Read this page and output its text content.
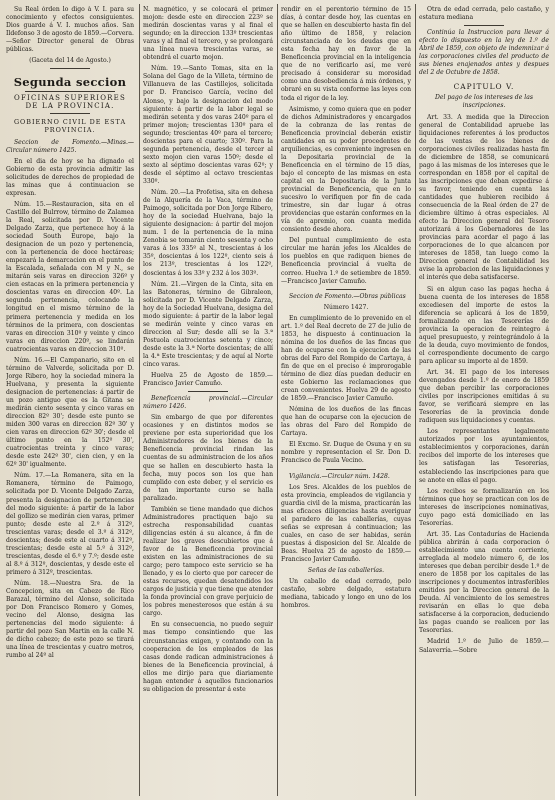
Su Real órden lo digo à V. I. para su conocimiento y efectos consiguientes. Dios guarde á V. I. muchos años. San Ildefonso 3 de agosto de 1859.—Corvera.—Señor Director general de Obras públicas.

(Gaceta del 14 de Agosto.)

Segunda seccion
OFICINAS SUPERIORES DE LA PROVINCIA.
GOBIERNO CIVIL DE ESTA PROVINCIA.

Seccion de Fomento.—Minas.—Circular número 1425.

En el dia de hoy se ha dignado el Gobierno de esta provincia admitir las solicitudes de derechos de propiedad de las minas que á continuacion se expresan.

Núm. 15.—Restauracion, sita en el Castillo del Bulrrow, término de Zalamea la Real, solicitada por D. Vicente Delgado Zarza, que pertenece hoy á la sociedad South Europe, bajo la designacion de un pozo y pertenencia, con la pertenencia de doce hectáreas; empezará la demarcacion en el punto de la Escalada, señalada con M y N., se mitarán seis varas en direccion 326º y cien estacas en la primera pertenencia y doscientas varas en direccion 40º. La segunda pertenencia, colocando la longitud en el mismo término de la primera pertenencia y medida en los términos de la primera, con doscientas varas en direccion 310º y veinte y cinco varas en direccion 220º, se lindarán cuatrocientas varas en direccion 310º.

Núm. 16.—El Campanario, sito en el término de Valverde, solicitada por D. Jorge Ribero, hoy la sociedad minera la Huelvana, y presenta la siguiente designacion de pertenencias: á partir de un pozo antiguo que es la Gitana se medirán ciento sesenta y cinco varas en direccion 82º 30'; desde este punto se miden 300 varas en direccion 82º 30' y cien varas en direccion 62º 30'; desde el último punto en la 152º 30', cuatrocientas treinta y cinco varas; desde este 242º 30', cien cien, y en la 62º 30' igualmente.

Núm. 17.—La Romanera, sita en la Romanera, término de Paimogo, solicitada por D. Vicente Delgado Zarza, presenta la designacion de pertenencias del modo siguiente: á partir de la labor del gollizo se medirán cien varas, primer punto; desde este al 2.º á 312º, trescientas varas; desde el 3.º á 312º, doscientas; desde este al cuarto á 312º, trescientas; desde este al 5.º á 312º, trescientas, desde el 6.º y 7.º; desde este al 8.º á 312º, doscientas, y desde este el primero á 312º, trescientas.

Núm. 18.—Nuestra Sra. de la Concepcion, sita en Cabezo de Rico Barazal, término del Alonso, solicitada por Don Francisco Romero y Gomes, vecino del Alonso, designa las pertenencias del modo siguiente: á partir del pozo San Martin en la calle N. de dicho cabezo; de este pozo se tirará una línea de trescientas y cuatro metros, rumbo al 24º al

N. magnético, y se colocará el primer mojon: desde este en direccion 223º se medirán doscientas varas y al final el segundo; en la direccion 133º trescientas varas y al final el tercero, y se prolongará una línea nueva trescientas varas, se obtendrá el cuarto mojon.

Núm. 19.—Santo Tomas, sita en la Solana del Gago de la Villeta, término de Villanueva de las Castillejos, solicitada por D. Francisco García, vecino del Alonso, y bajo la designacion del modo siguiente: á partir de la labor legal se medirán setenta y dos varas 240º para el primer mojon; trescientas 130º para el segundo; trescientas 40º para el tercero; doscientas para el cuarto; 330º. Para la segunda pertenencia, desde el tercer al sexto mojon cien varas 150º; desde el sexto al séptimo doscientas varas 62º; y desde el séptimo al octavo trescientas 330º.

Núm. 20.—La Profetisa, sita en dehesa de la Alquería de la Vaca, término de Paimogo, solicitada por Don Jorge Ribero, hoy de la sociedad Huelvana, bajo la siguiente designacion: á partir del mojon num. 1 de la pertenencia de la mina Zenobia se tomarán ciento sesenta y ocho varas á los 335º al N., trescientas á los 35º, doscientas á los 122º, ciento seis á los 213º, trescientas á los 122º, doscientas á los 33º y 232 á los 303º.

Núm. 21.—Virgen de la Cinta, sita en las Batoneras, término de Gibraleon, solicitada por D. Vicente Delgado Zarza, hoy de la Sociedad Huelvana, designa del modo siguiente: á partir de la labor legal se medirán veinte y cinco varas en direccion al Sur; desde allí se la 3.ª Postuola cuatrocientas setenta y cinco; desde este la 3.ª Norte doscientas; de allí la 4.ª Este trescientas; y de aquí al Norte cinco varas.

Huelva 25 de Agosto de 1859.—Francisco Javier Camuño.

Beneficencia provincial.—Circular número 1426.

Sin embargo de que por diferentes ocasiones y en distintos modos se previene por esta superioridad que los Administradores de los bienes de la Beneficencia provincial rindan las cuentas de su administracion de los años que se hallen en descubierto hasta la fecha, muy pocos son los que han cumplido con este deber, y el servicio es de tan importante curso se halla paralizado.

También se tiene mandado que dichos Administradores practiquen bajo su estrecha responsabilidad cuantas diligencias estén á su alcance, á fin de realizar los graves descubiertos que á favor de la Beneficencia provincial existen en las administraciones de su cargo; pero tampoco este servicio se ha llenado, y es lo cierto que por carecer de estas recursos, quedan desatendidos los cargos de justicia y que tiene que atender la fonda provincial con grave perjuicio de los pobres menesterosos que están á su cargo.

En su consecuencia, no puedo seguir mas tiempo consintiendo que las circunstancias exigen, y contando con la cooperacion de los empleados de las casas donde radican administraciones á bienes de la Beneficencia provincial, á ellos me dirijo para que diariamente hagan entender á aquellos funcionarios su obligacion de presentar á este

rendir en el perentorio término de 15 días, á contar desde hoy, las cuentas en que se hallen en descubierto hasta fin del año último de 1858, y relacion circunstanciada de los deudas que en esta fecha hay en favor de la Beneficencia provincial en la inteligencia que de no verificarlo así, me veré precisado á considerar su morosidad como una desobediencia á mis órdenes, y obraré en su vista conforme las leyes con toda el rigor de la ley.

Asimismo, y como quiera que en poder de dichos Administradores y encargados de la cobranza de las rentas de Beneficencia provincial deberán existir cantidades en su poder procedentes de arquiliencias, es conveniente ingresen en la Depositaria provincial de la Beneficencia en el término de 15 días, bajo el concepto de las mismas en esta capital en la Depositaria de la Junta provincial de Beneficencia, que en lo sucesivo lo verifiquen por fin de cada trimestre, sin dar lugar á otras providencias que estarán conformes en la vía de apremio, con cuanta medida consiento desde ahora.

Del puntual cumplimiento de esta circular me harán jefes los Alcaldes de los pueblos en que radiquen bienes de Beneficencia provincial á vuelta de correo. Huelva 1.º de setiembre de 1859.—Francisco Javier Camuño.

Seccion de Fomento.—Obras públicas

Número 1427.

En cumplimiento de lo prevenido en el art. 1.º del Real decreto de 27 de julio de 1853, he dispuesto á continuacion la nómina de los dueños de las fincas que han de ocuparse con la ejecucion de las obras del Faro del Rompido de Cartaya, á fin de que en el preciso é improrogable término de diez días puedan deducir en este Gobierno las reclamaciones que crean convenientes. Huelva 29 de agosto de 1859.—Francisco Javier Camuño.

Nómina de los dueños de las fincas que han de ocuparse con la ejecucion de las obras del Faro del Rompido de Cartaya.

El Excmo. Sr. Duque de Osuna y en su nombre y representacion el Sr. Don D. Francisco de Paula Vecino.

Vigilancia.—Circular núm. 1428.

Los Sres. Alcaldes de los pueblos de esta provincia, empleados de vigilancia y guardia civil de la misma, practicarán las mas eficaces diligencias hasta averiguar el paradero de las caballerías, cuyas señas se expresan á continuacion; las cuales, en caso de ser habidas, serán puestas á disposicion del Sr. Alcalde de Beas. Huelva 25 de agosto de 1859.—Francisco Javier Camuño.

Señas de las caballerías.

Un caballo de edad cerrado, pelo castaño, sobre delgado, estatura mediana, tabicado y longo en uno de los hombros.

Otra de edad cerrada, pelo castaño, y estatura mediana

Continúa la Instruccion para llevar á efecto lo dispuesto en la ley de 1.º de Abril de 1859, con objeto de indemnizar á las corporaciones civiles del producto de sus bienes enajenados antes y despues del 2 de Octubre de 1858.

CAPITULO V.

Del pago de los intereses de las inscripciones.

Art. 33. A medida que la Direccion general de Contabilidad apruebe las liquidaciones referentes á los productos de las ventas de los bienes de corporaciones civiles realizadas hasta fin de diciembre de 1858, se comunicará pago á las mismas de los intereses que le correspondan en 1858 por el capital de las inscripciones que deban expedirse á su favor, teniendo en cuenta las cantidades que hubieren recibido á consecuencia de la Real órden de 27 de diciembre último á otras especiales. Al efecto la Direccion general del Tesoro autorizará á los Gobernadores de las provincias para acordar el pago á las corporaciones de lo que alcancen por intereses de 1858, tan luego como la Direccion general de Contabilidad les avise la aprobacion de las liquidaciones y el interés que deba satisfacerse.

Si en algun caso las pagas hecha á buena cuenta de los intereses de 1858 excediesen del importe de estos la diferencia se aplicará á los de 1859, formalizando en las Tesorerías de provincia la operacion de reintegro á aquel presupuesto, y reintegrándolo á la de la deuda, cuyo movimiento de fondos, el correspondiente documento de cargo para aplicar su importe al de 1859.

Art. 34. El pago de los intereses devengados desde 1.º de enero de 1859 que deban percibir las corporaciones civiles por inscripciones emitidas á su favor, se verificará siempre en las Tesorerías de la provincia donde radiquen sus liquidaciones y cuentas.

Los representantes legalmente autorizados por los ayuntamientos, establecimientos y corporaciones, darán recibos del importe de los intereses que les satisfagan las Tesorerías, estableciendo las inscripciones para que se anote en ellas el pago.

Los recibos se formalizarán en los términos que hoy se practican con los de intereses de inscripciones nominativas, cuyo pago está domiciliado en las Tesorerías.

Art. 35. Las Contadurías de Hacienda pública abrirán á cada corporacion ó establecimiento una cuenta corriente, arreglada al modelo número 6, de los intereses que deban percibir desde 1.º de enero de 1858 por los capitales de las inscripciones y documentos intrasferibles emitidos por la Direccion general de la Deuda. Al vencimiento de los semestres revisarán en ellas lo que deba satisfacerse á la corporacion, deduciendo las pagas cuando se realicen por las Tesorerías.

Madrid 1.º de Julio de 1859.—Salaverría.—Sobre
